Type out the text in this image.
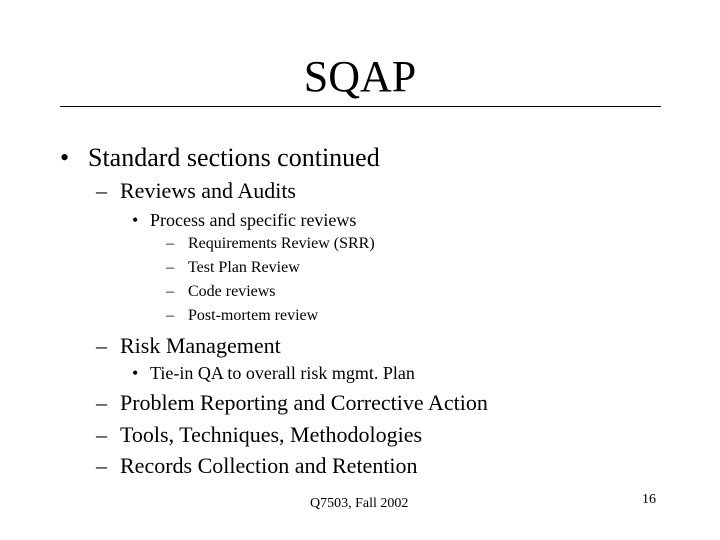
SQAP
• Standard sections continued
– Reviews and Audits
• Process and specific reviews
– Requirements Review (SRR)
– Test Plan Review
– Code reviews
– Post-mortem review
– Risk Management
• Tie-in QA to overall risk mgmt. Plan
– Problem Reporting and Corrective Action
– Tools, Techniques, Methodologies
– Records Collection and Retention
Q7503, Fall 2002	16
